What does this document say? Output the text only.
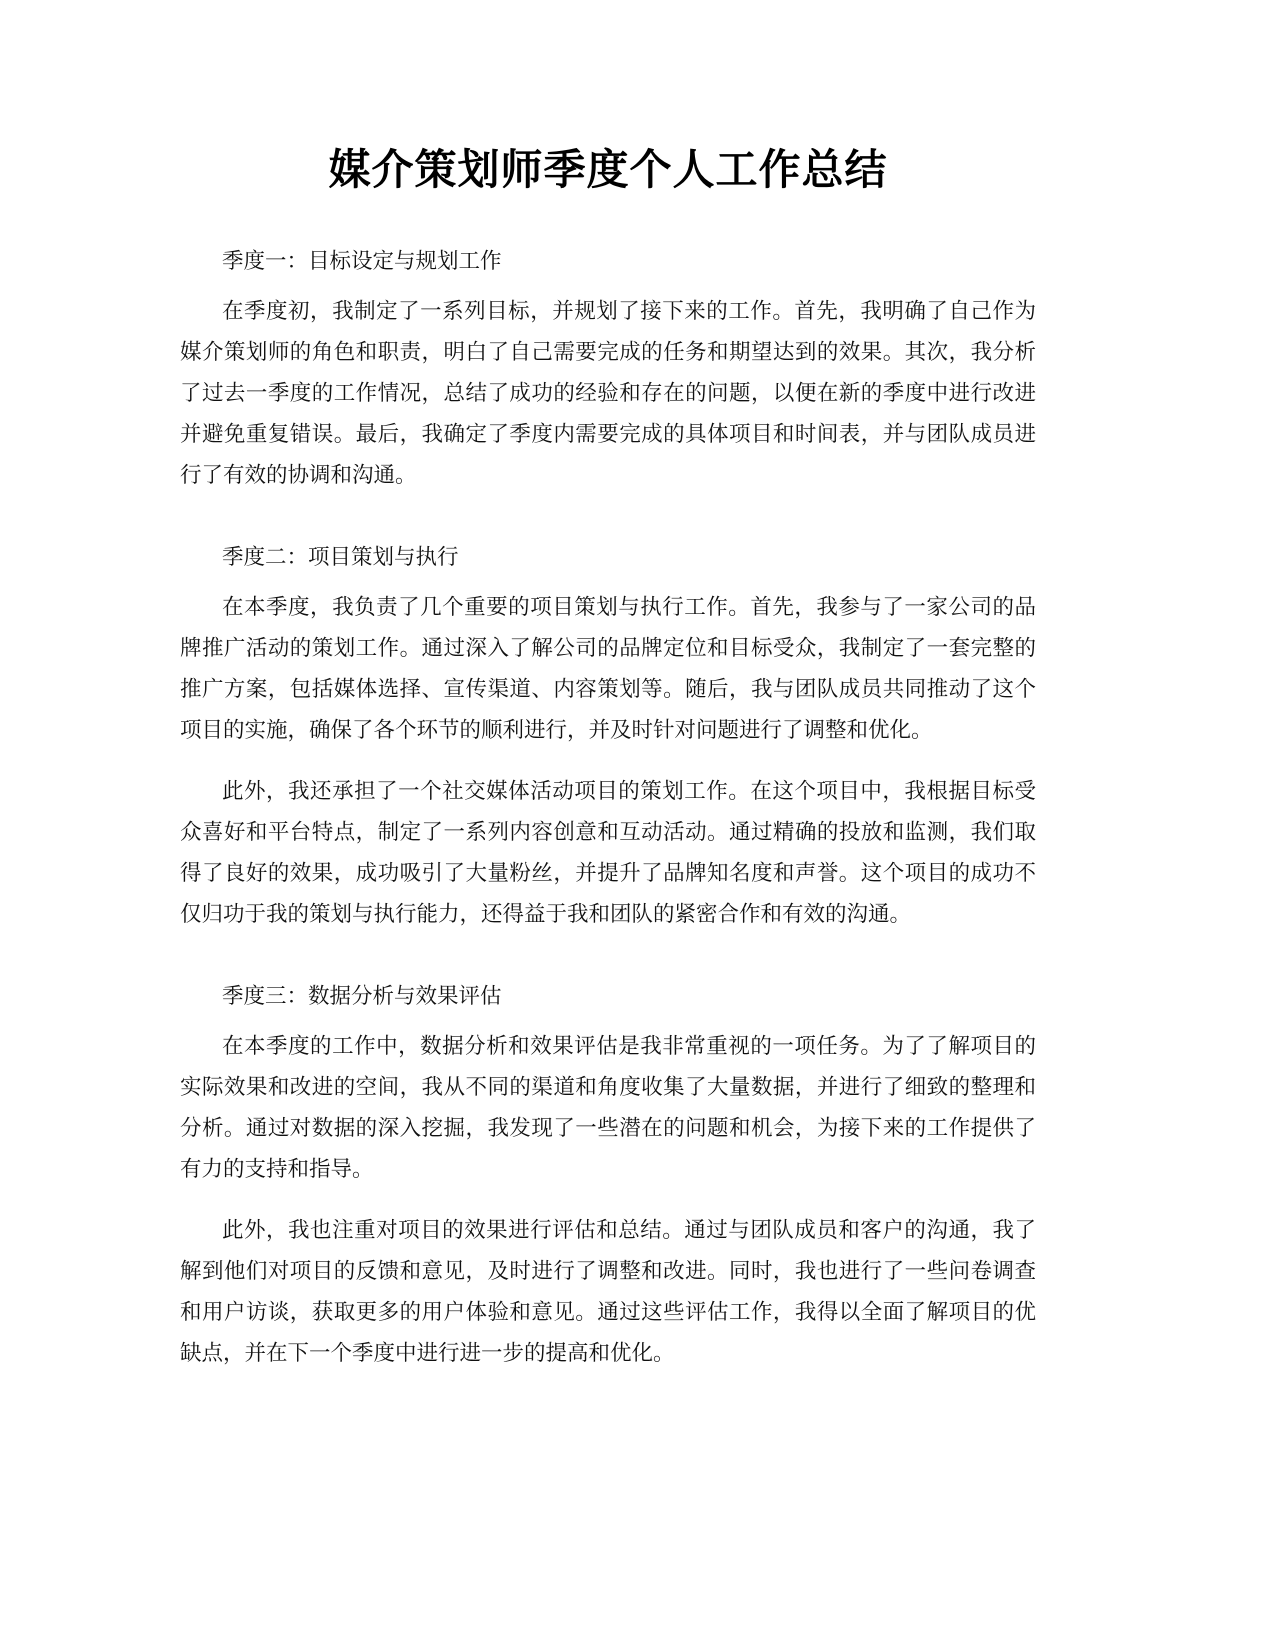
媒介策划师季度个人工作总结

季度一：目标设定与规划工作

在季度初，我制定了一系列目标，并规划了接下来的工作。首先，我明确了自己作为媒介策划师的角色和职责，明白了自己需要完成的任务和期望达到的效果。其次，我分析了过去一季度的工作情况，总结了成功的经验和存在的问题，以便在新的季度中进行改进并避免重复错误。最后，我确定了季度内需要完成的具体项目和时间表，并与团队成员进行了有效的协调和沟通。

季度二：项目策划与执行

在本季度，我负责了几个重要的项目策划与执行工作。首先，我参与了一家公司的品牌推广活动的策划工作。通过深入了解公司的品牌定位和目标受众，我制定了一套完整的推广方案，包括媒体选择、宣传渠道、内容策划等。随后，我与团队成员共同推动了这个项目的实施，确保了各个环节的顺利进行，并及时针对问题进行了调整和优化。

此外，我还承担了一个社交媒体活动项目的策划工作。在这个项目中，我根据目标受众喜好和平台特点，制定了一系列内容创意和互动活动。通过精确的投放和监测，我们取得了良好的效果，成功吸引了大量粉丝，并提升了品牌知名度和声誉。这个项目的成功不仅归功于我的策划与执行能力，还得益于我和团队的紧密合作和有效的沟通。

季度三：数据分析与效果评估

在本季度的工作中，数据分析和效果评估是我非常重视的一项任务。为了了解项目的实际效果和改进的空间，我从不同的渠道和角度收集了大量数据，并进行了细致的整理和分析。通过对数据的深入挖掘，我发现了一些潜在的问题和机会，为接下来的工作提供了有力的支持和指导。

此外，我也注重对项目的效果进行评估和总结。通过与团队成员和客户的沟通，我了解到他们对项目的反馈和意见，及时进行了调整和改进。同时，我也进行了一些问卷调查和用户访谈，获取更多的用户体验和意见。通过这些评估工作，我得以全面了解项目的优缺点，并在下一个季度中进行进一步的提高和优化。
